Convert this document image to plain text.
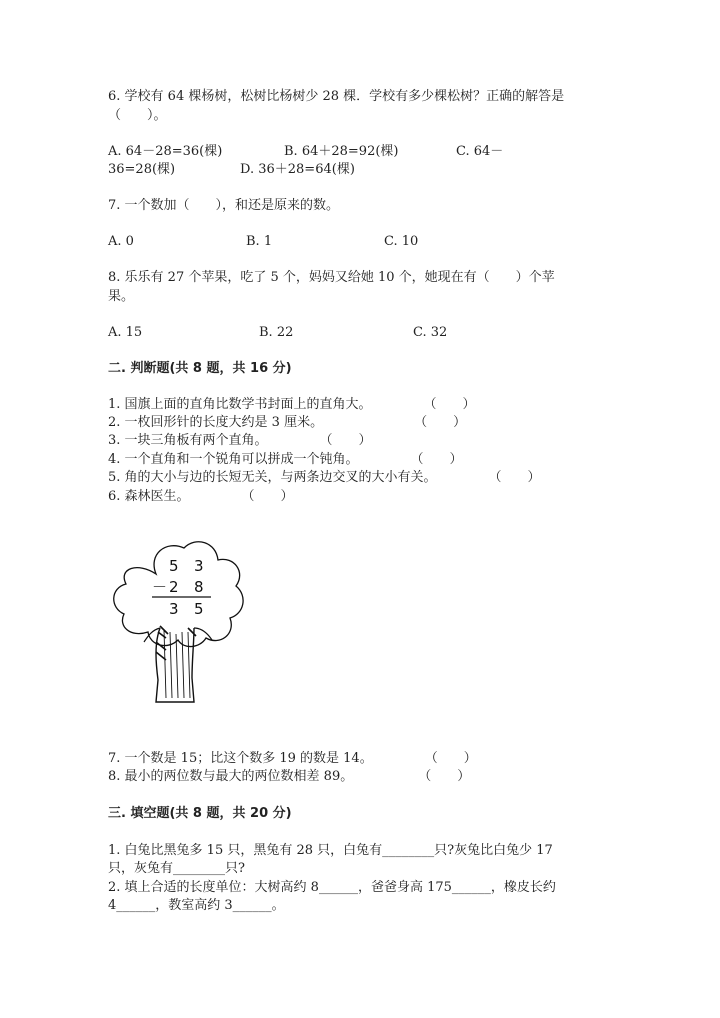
6. 学校有 64 棵杨树，松树比杨树少 28 棵．学校有多少棵松树？正确的解答是
（　　）。
A. 64－28=36(棵)	B. 64＋28=92(棵)	C. 64－
36=28(棵)	D. 36＋28=64(棵)
7. 一个数加（　　），和还是原来的数。
A. 0	B. 1	C. 10
8. 乐乐有 27 个苹果，吃了 5 个，妈妈又给她 10 个，她现在有（　　）个苹
果。
A. 15	B. 22	C. 32
二. 判断题(共 8 题，共 16 分)
1. 国旗上面的直角比数学书封面上的直角大。　　　　　（　　）
2. 一枚回形针的长度大约是 3 厘米。　　　　　　　　（　　）
3. 一块三角板有两个直角。　　　　　（　　）
4. 一个直角和一个锐角可以拼成一个钝角。　　　　　（　　）
5. 角的大小与边的长短无关，与两条边交叉的大小有关。　　　　　（　　）
6. 森林医生。　　　　　（　　）
5 3
－ 2 8
3 5
7. 一个数是 15；比这个数多 19 的数是 14。　　　　　（　　）
8. 最小的两位数与最大的两位数相差 89。　　　　　　（　　）
三. 填空题(共 8 题，共 20 分)
1. 白兔比黑兔多 15 只，黑兔有 28 只，白兔有________只?灰兔比白兔少 17
只，灰兔有________只?
2. 填上合适的长度单位：大树高约 8______，爸爸身高 175______，橡皮长约
4______，教室高约 3______。
